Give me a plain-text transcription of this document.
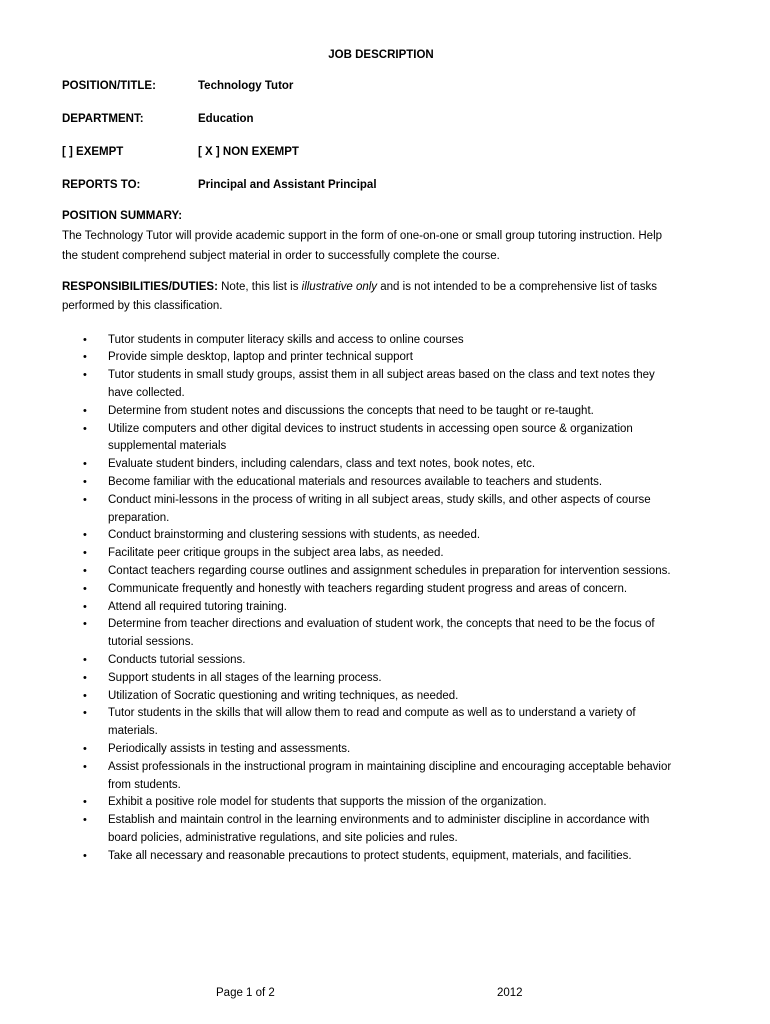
JOB DESCRIPTION
POSITION/TITLE:	Technology Tutor
DEPARTMENT:	Education
[ ] EXEMPT	[ X ] NON EXEMPT
REPORTS TO:	Principal and Assistant Principal
POSITION SUMMARY:

The Technology Tutor will provide academic support in the form of one-on-one or small group tutoring instruction. Help the student comprehend subject material in order to successfully complete the course.

RESPONSIBILITIES/DUTIES: Note, this list is illustrative only and is not intended to be a comprehensive list of tasks performed by this classification.

• Tutor students in computer literacy skills and access to online courses
• Provide simple desktop, laptop and printer technical support
• Tutor students in small study groups, assist them in all subject areas based on the class and text notes they have collected.
• Determine from student notes and discussions the concepts that need to be taught or re-taught.
• Utilize computers and other digital devices to instruct students in accessing open source & organization supplemental materials
• Evaluate student binders, including calendars, class and text notes, book notes, etc.
• Become familiar with the educational materials and resources available to teachers and students.
• Conduct mini-lessons in the process of writing in all subject areas, study skills, and other aspects of course preparation.
• Conduct brainstorming and clustering sessions with students, as needed.
• Facilitate peer critique groups in the subject area labs, as needed.
• Contact teachers regarding course outlines and assignment schedules in preparation for intervention sessions.
• Communicate frequently and honestly with teachers regarding student progress and areas of concern.
• Attend all required tutoring training.
• Determine from teacher directions and evaluation of student work, the concepts that need to be the focus of tutorial sessions.
• Conducts tutorial sessions.
• Support students in all stages of the learning process.
• Utilization of Socratic questioning and writing techniques, as needed.
• Tutor students in the skills that will allow them to read and compute as well as to understand a variety of materials.
• Periodically assists in testing and assessments.
• Assist professionals in the instructional program in maintaining discipline and encouraging acceptable behavior from students.
• Exhibit a positive role model for students that supports the mission of the organization.
• Establish and maintain control in the learning environments and to administer discipline in accordance with board policies, administrative regulations, and site policies and rules.
• Take all necessary and reasonable precautions to protect students, equipment, materials, and facilities.
Page 1 of 2	2012
